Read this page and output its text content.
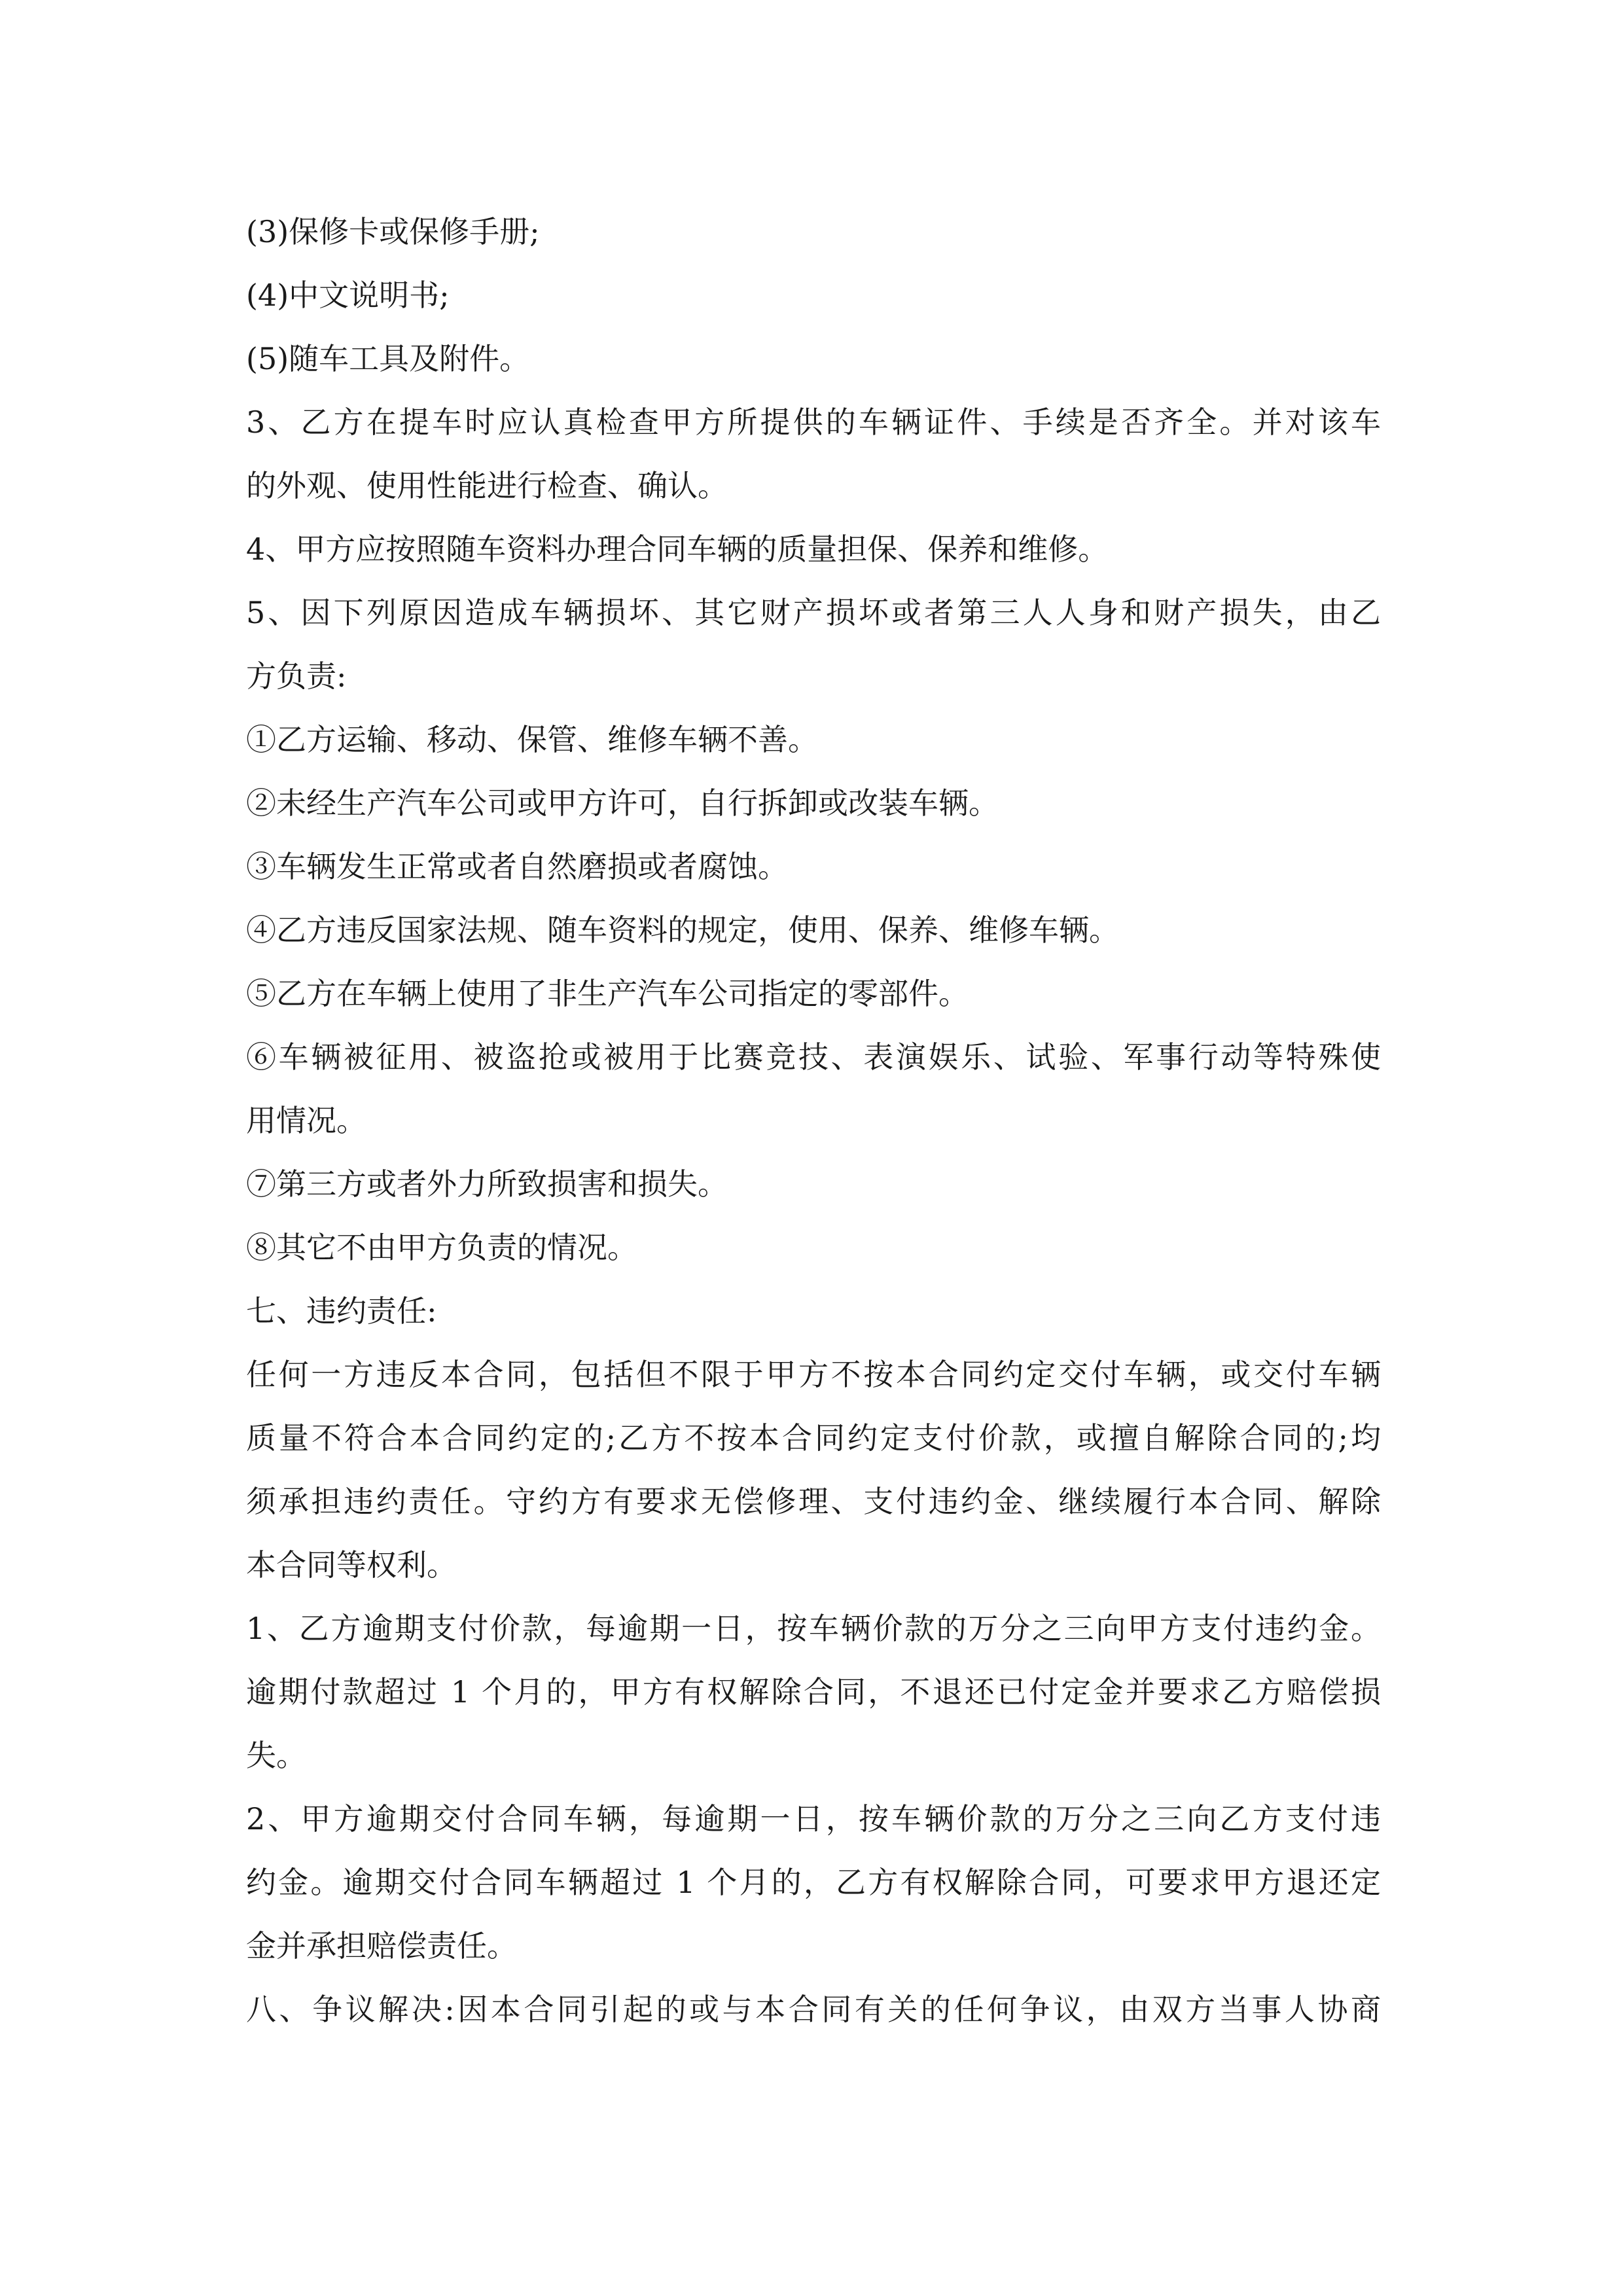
(3)保修卡或保修手册;
(4)中文说明书;
(5)随车工具及附件。
3、乙方在提车时应认真检查甲方所提供的车辆证件、手续是否齐全。并对该车
的外观、使用性能进行检查、确认。
4、甲方应按照随车资料办理合同车辆的质量担保、保养和维修。
5、因下列原因造成车辆损坏、其它财产损坏或者第三人人身和财产损失，由乙
方负责:
①乙方运输、移动、保管、维修车辆不善。
②未经生产汽车公司或甲方许可，自行拆卸或改装车辆。
③车辆发生正常或者自然磨损或者腐蚀。
④乙方违反国家法规、随车资料的规定，使用、保养、维修车辆。
⑤乙方在车辆上使用了非生产汽车公司指定的零部件。
⑥车辆被征用、被盗抢或被用于比赛竞技、表演娱乐、试验、军事行动等特殊使
用情况。
⑦第三方或者外力所致损害和损失。
⑧其它不由甲方负责的情况。
七、违约责任:
任何一方违反本合同，包括但不限于甲方不按本合同约定交付车辆，或交付车辆
质量不符合本合同约定的;乙方不按本合同约定支付价款，或擅自解除合同的;均
须承担违约责任。守约方有要求无偿修理、支付违约金、继续履行本合同、解除
本合同等权利。
1、乙方逾期支付价款，每逾期一日，按车辆价款的万分之三向甲方支付违约金。
逾期付款超过 1 个月的，甲方有权解除合同，不退还已付定金并要求乙方赔偿损
失。
2、甲方逾期交付合同车辆，每逾期一日，按车辆价款的万分之三向乙方支付违
约金。逾期交付合同车辆超过 1 个月的，乙方有权解除合同，可要求甲方退还定
金并承担赔偿责任。
八、争议解决:因本合同引起的或与本合同有关的任何争议，由双方当事人协商
